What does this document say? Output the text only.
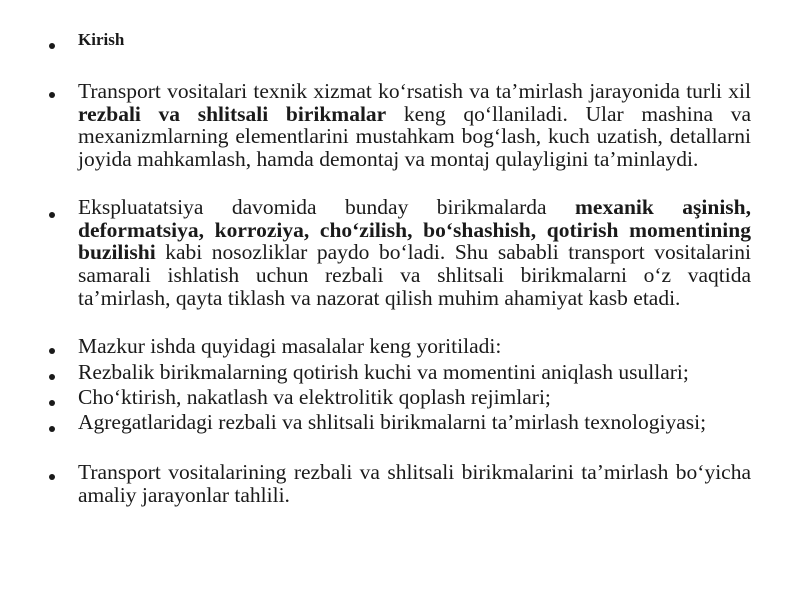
Kirish
Transport vositalari texnik xizmat ko‘rsatish va ta’mirlash jarayonida turli xil rezbali va shlitsali birikmalar keng qo‘llaniladi. Ular mashina va mexanizmlarning elementlarini mustahkam bog‘lash, kuch uzatish, detallarni joyida mahkamlash, hamda demontaj va montaj qulayligini ta’minlaydi.
Ekspluatatsiya davomida bunday birikmalarda mexanik aşinish, deformatsiya, korroziya, cho‘zilish, bo‘shashish, qotirish momentining buzilishi kabi nosozliklar paydo bo‘ladi. Shu sababli transport vositalarini samarali ishlatish uchun rezbali va shlitsali birikmalarni o‘z vaqtida ta’mirlash, qayta tiklash va nazorat qilish muhim ahamiyat kasb etadi.
Mazkur ishda quyidagi masalalar keng yoritiladi:
Rezbalik birikmalarning qotirish kuchi va momentini aniqlash usullari;
Cho‘ktirish, nakatlash va elektrolitik qoplash rejimlari;
Agregatlaridagi rezbali va shlitsali birikmalarni ta’mirlash texnologiyasi;
Transport vositalarining rezbali va shlitsali birikmalarini ta’mirlash bo‘yicha amaliy jarayonlar tahlili.
